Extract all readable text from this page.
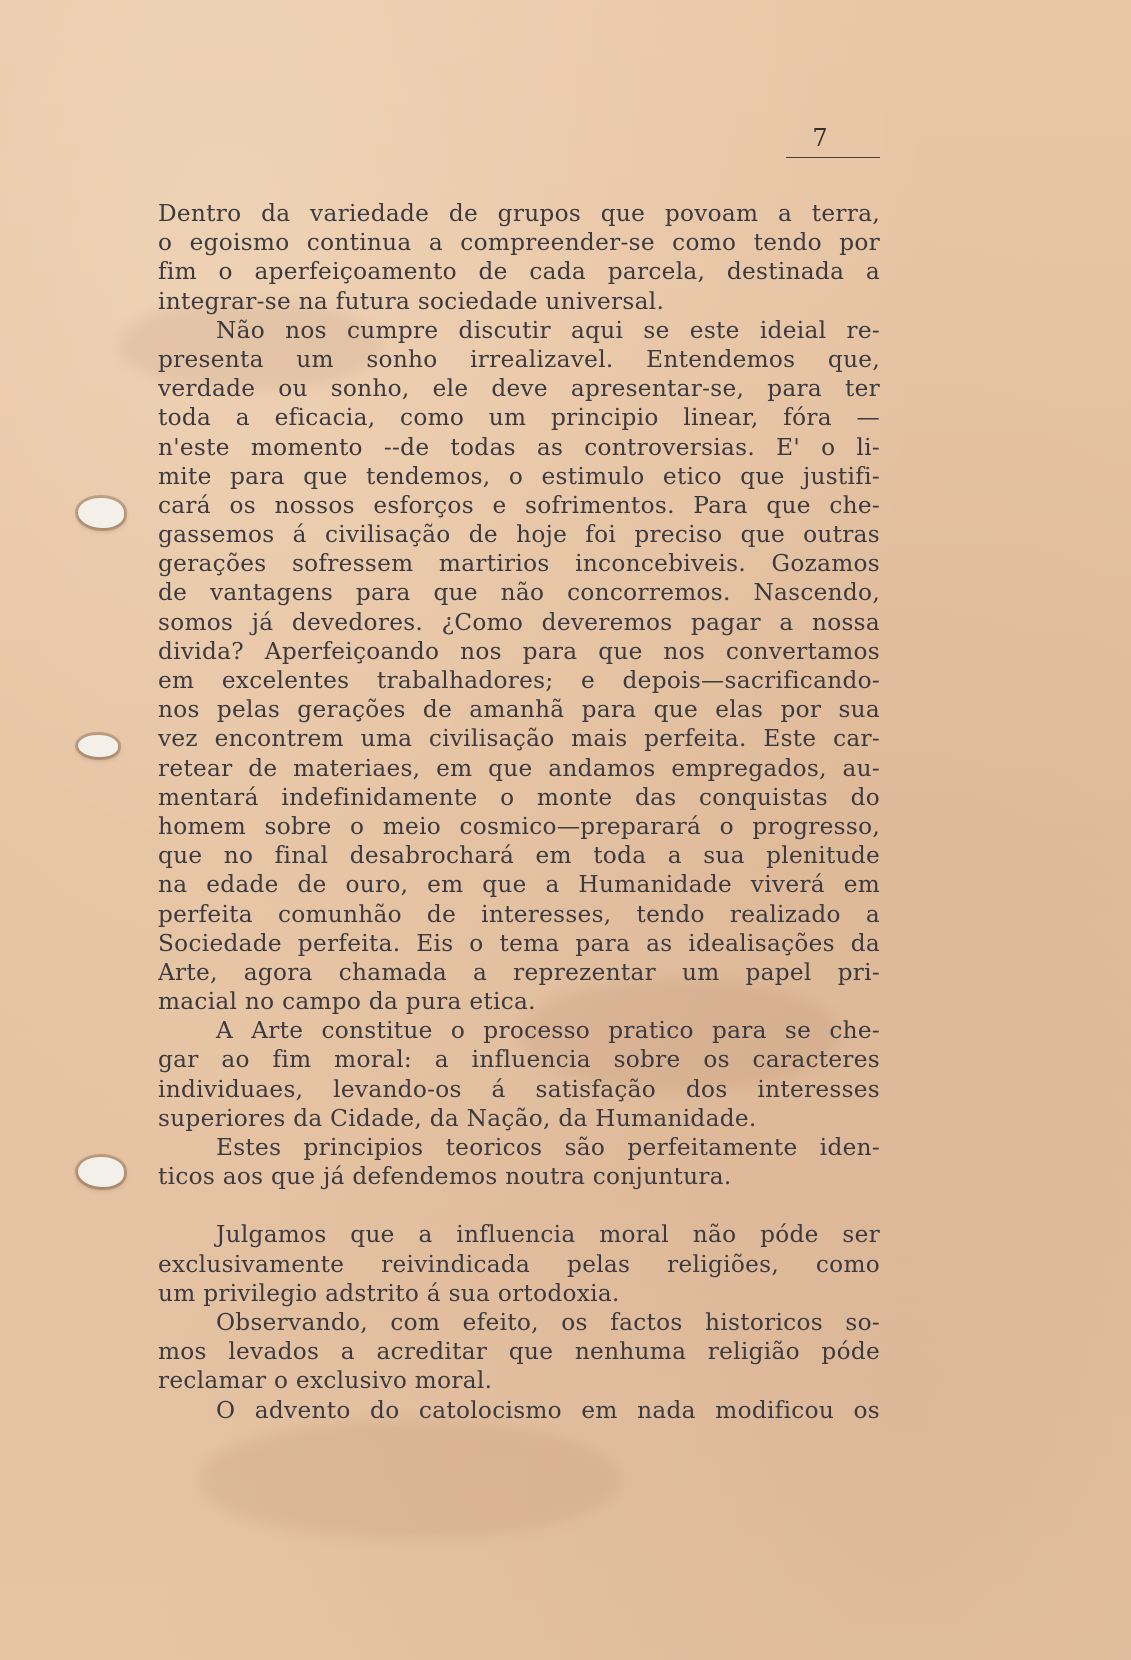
7
Dentro da variedade de grupos que povoam a terra,
o egoismo continua a compreender-se como tendo por
fim o aperfeiçoamento de cada parcela, destinada a
integrar-se na futura sociedade universal.
Não nos cumpre discutir aqui se este ideial re-
presenta um sonho irrealizavel. Entendemos que,
verdade ou sonho, ele deve apresentar-se, para ter
toda a eficacia, como um principio linear, fóra —
n'este momento --de todas as controversias. E' o li-
mite para que tendemos, o estimulo etico que justifi-
cará os nossos esforços e sofrimentos. Para que che-
gassemos á civilisação de hoje foi preciso que outras
gerações sofressem martirios inconcebiveis. Gozamos
de vantagens para que não concorremos. Nascendo,
somos já devedores. ¿Como deveremos pagar a nossa
divida? Aperfeiçoando nos para que nos convertamos
em excelentes trabalhadores; e depois—sacrificando-
nos pelas gerações de amanhã para que elas por sua
vez encontrem uma civilisação mais perfeita. Este car-
retear de materiaes, em que andamos empregados, au-
mentará indefinidamente o monte das conquistas do
homem sobre o meio cosmico—preparará o progresso,
que no final desabrochará em toda a sua plenitude
na edade de ouro, em que a Humanidade viverá em
perfeita comunhão de interesses, tendo realizado a
Sociedade perfeita. Eis o tema para as idealisações da
Arte, agora chamada a reprezentar um papel pri-
macial no campo da pura etica.
A Arte constitue o processo pratico para se che-
gar ao fim moral: a influencia sobre os caracteres
individuaes, levando-os á satisfação dos interesses
superiores da Cidade, da Nação, da Humanidade.
Estes principios teoricos são perfeitamente iden-
ticos aos que já defendemos noutra conjuntura.
Julgamos que a influencia moral não póde ser
exclusivamente reivindicada pelas religiões, como
um privilegio adstrito á sua ortodoxia.
Observando, com efeito, os factos historicos so-
mos levados a acreditar que nenhuma religião póde
reclamar o exclusivo moral.
O advento do catolocismo em nada modificou os
